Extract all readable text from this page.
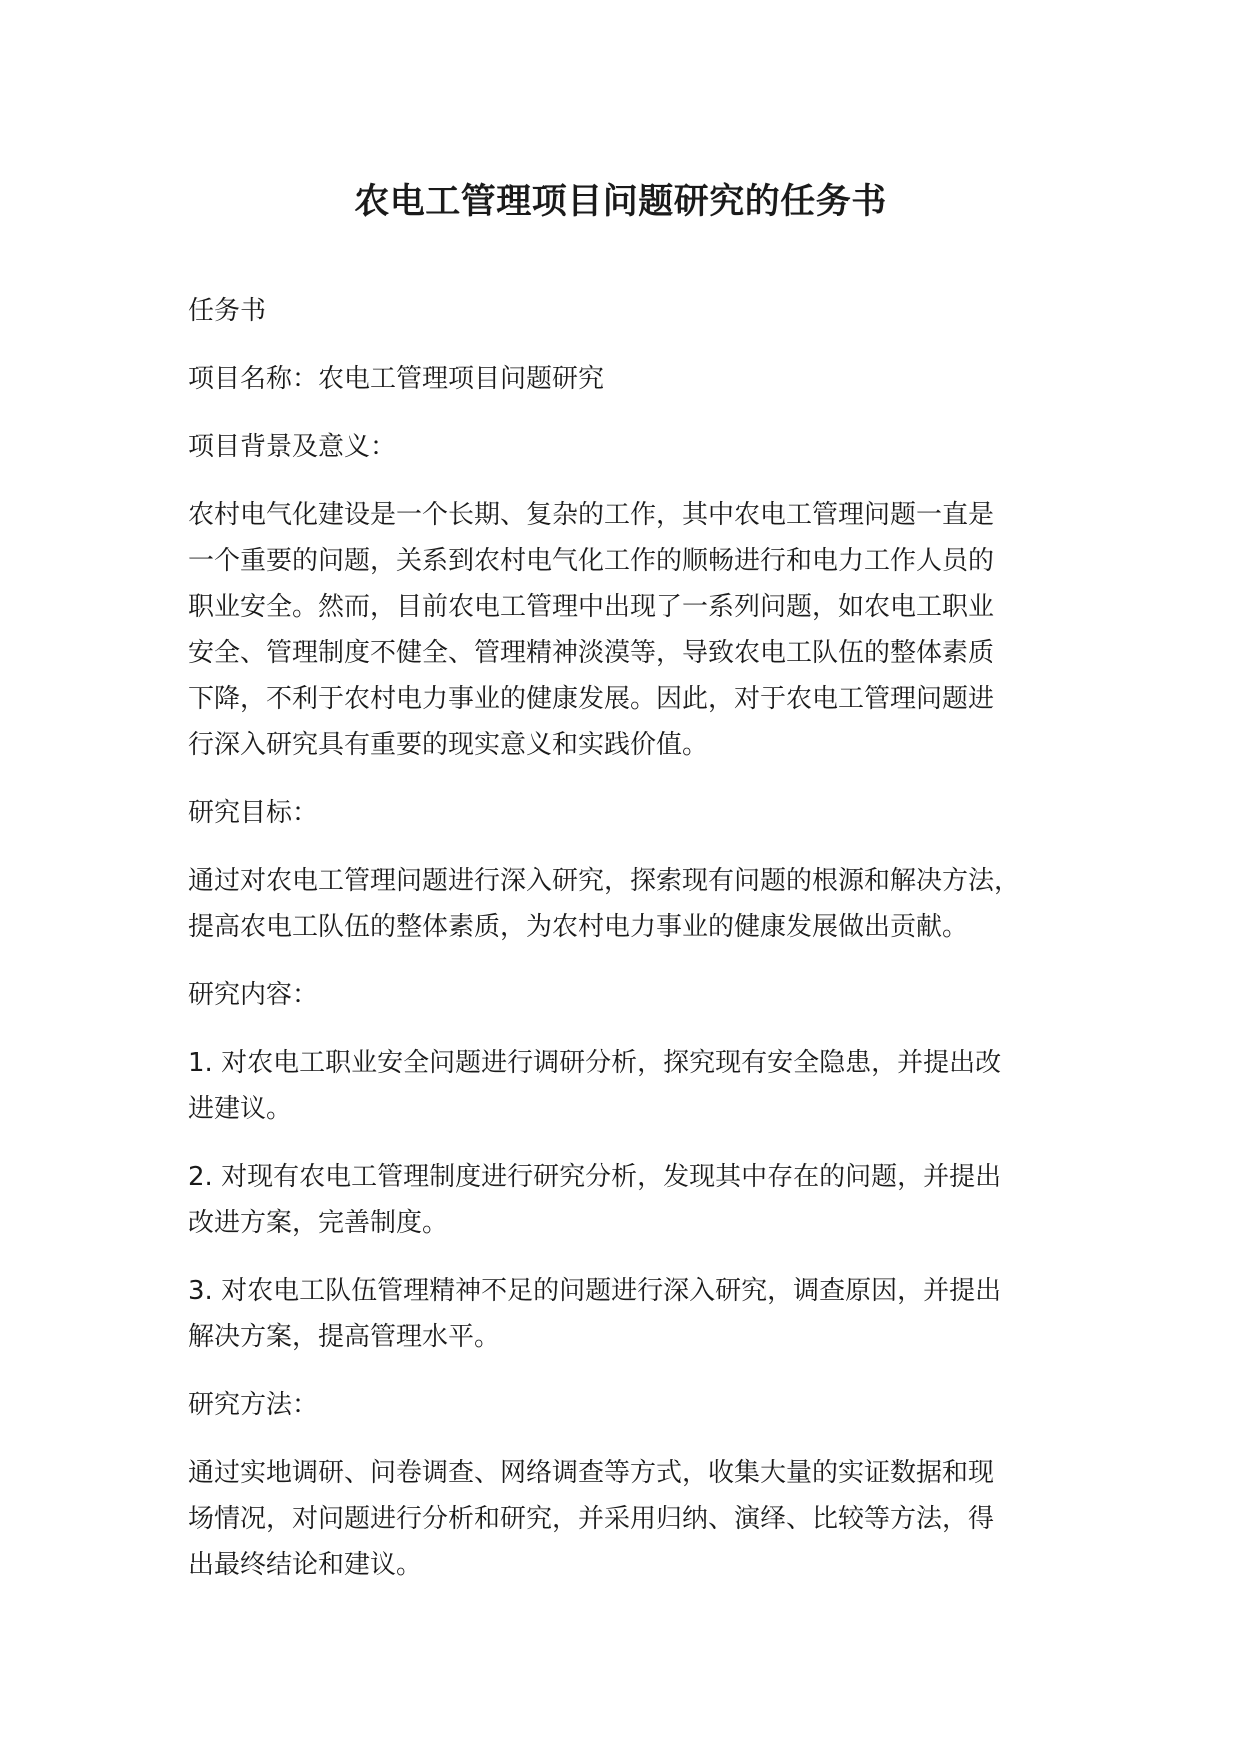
农电工管理项目问题研究的任务书

任务书

项目名称：农电工管理项目问题研究

项目背景及意义：

农村电气化建设是一个长期、复杂的工作，其中农电工管理问题一直是
一个重要的问题，关系到农村电气化工作的顺畅进行和电力工作人员的
职业安全。然而，目前农电工管理中出现了一系列问题，如农电工职业
安全、管理制度不健全、管理精神淡漠等，导致农电工队伍的整体素质
下降，不利于农村电力事业的健康发展。因此，对于农电工管理问题进
行深入研究具有重要的现实意义和实践价值。

研究目标：

通过对农电工管理问题进行深入研究，探索现有问题的根源和解决方法，
提高农电工队伍的整体素质，为农村电力事业的健康发展做出贡献。

研究内容：

1. 对农电工职业安全问题进行调研分析，探究现有安全隐患，并提出改
进建议。

2. 对现有农电工管理制度进行研究分析，发现其中存在的问题，并提出
改进方案，完善制度。

3. 对农电工队伍管理精神不足的问题进行深入研究，调查原因，并提出
解决方案，提高管理水平。

研究方法：

通过实地调研、问卷调查、网络调查等方式，收集大量的实证数据和现
场情况，对问题进行分析和研究，并采用归纳、演绎、比较等方法，得
出最终结论和建议。
